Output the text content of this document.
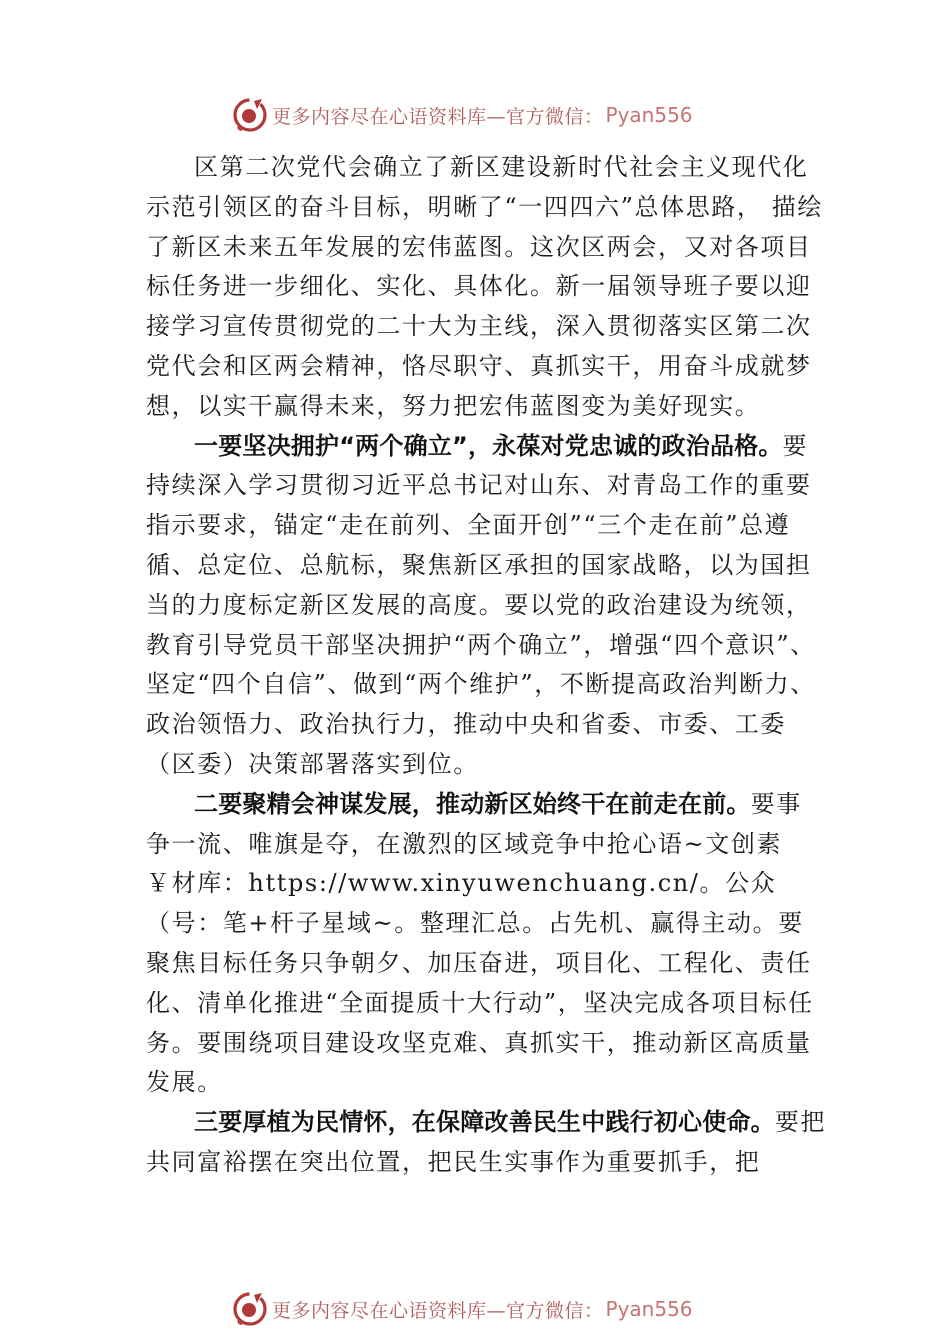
更多内容尽在心语资料库—官方微信： Pyan556

区第二次党代会确立了新区建设新时代社会主义现代化示范引领区的奋斗目标，明晰了“一四四六”总体思路， 描绘了新区未来五年发展的宏伟蓝图。这次区两会，又对各项目标任务进一步细化、实化、具体化。新一届领导班子要以迎接学习宣传贯彻党的二十大为主线，深入贯彻落实区第二次党代会和区两会精神，恪尽职守、真抓实干，用奋斗成就梦想，以实干赢得未来，努力把宏伟蓝图变为美好现实。

一要坚决拥护“两个确立”，永葆对党忠诚的政治品格。要持续深入学习贯彻习近平总书记对山东、对青岛工作的重要指示要求，锚定“走在前列、全面开创”“三个走在前”总遵循、总定位、总航标，聚焦新区承担的国家战略，以为国担当的力度标定新区发展的高度。要以党的政治建设为统领，教育引导党员干部坚决拥护“两个确立”，增强“四个意识”、坚定“四个自信”、做到“两个维护”，不断提高政治判断力、政治领悟力、政治执行力，推动中央和省委、市委、工委（区委）决策部署落实到位。

二要聚精会神谋发展，推动新区始终干在前走在前。要事争一流、唯旗是夺，在激烈的区域竞争中抢心语~文创素￥材库：https://www.xinyuwenchuang.cn/。公众（号：笔+杆子星域~。整理汇总。占先机、赢得主动。要聚焦目标任务只争朝夕、加压奋进，项目化、工程化、责任化、清单化推进“全面提质十大行动”，坚决完成各项目标任务。要围绕项目建设攻坚克难、真抓实干，推动新区高质量发展。

三要厚植为民情怀，在保障改善民生中践行初心使命。要把共同富裕摆在突出位置，把民生实事作为重要抓手，把

更多内容尽在心语资料库—官方微信： Pyan556
